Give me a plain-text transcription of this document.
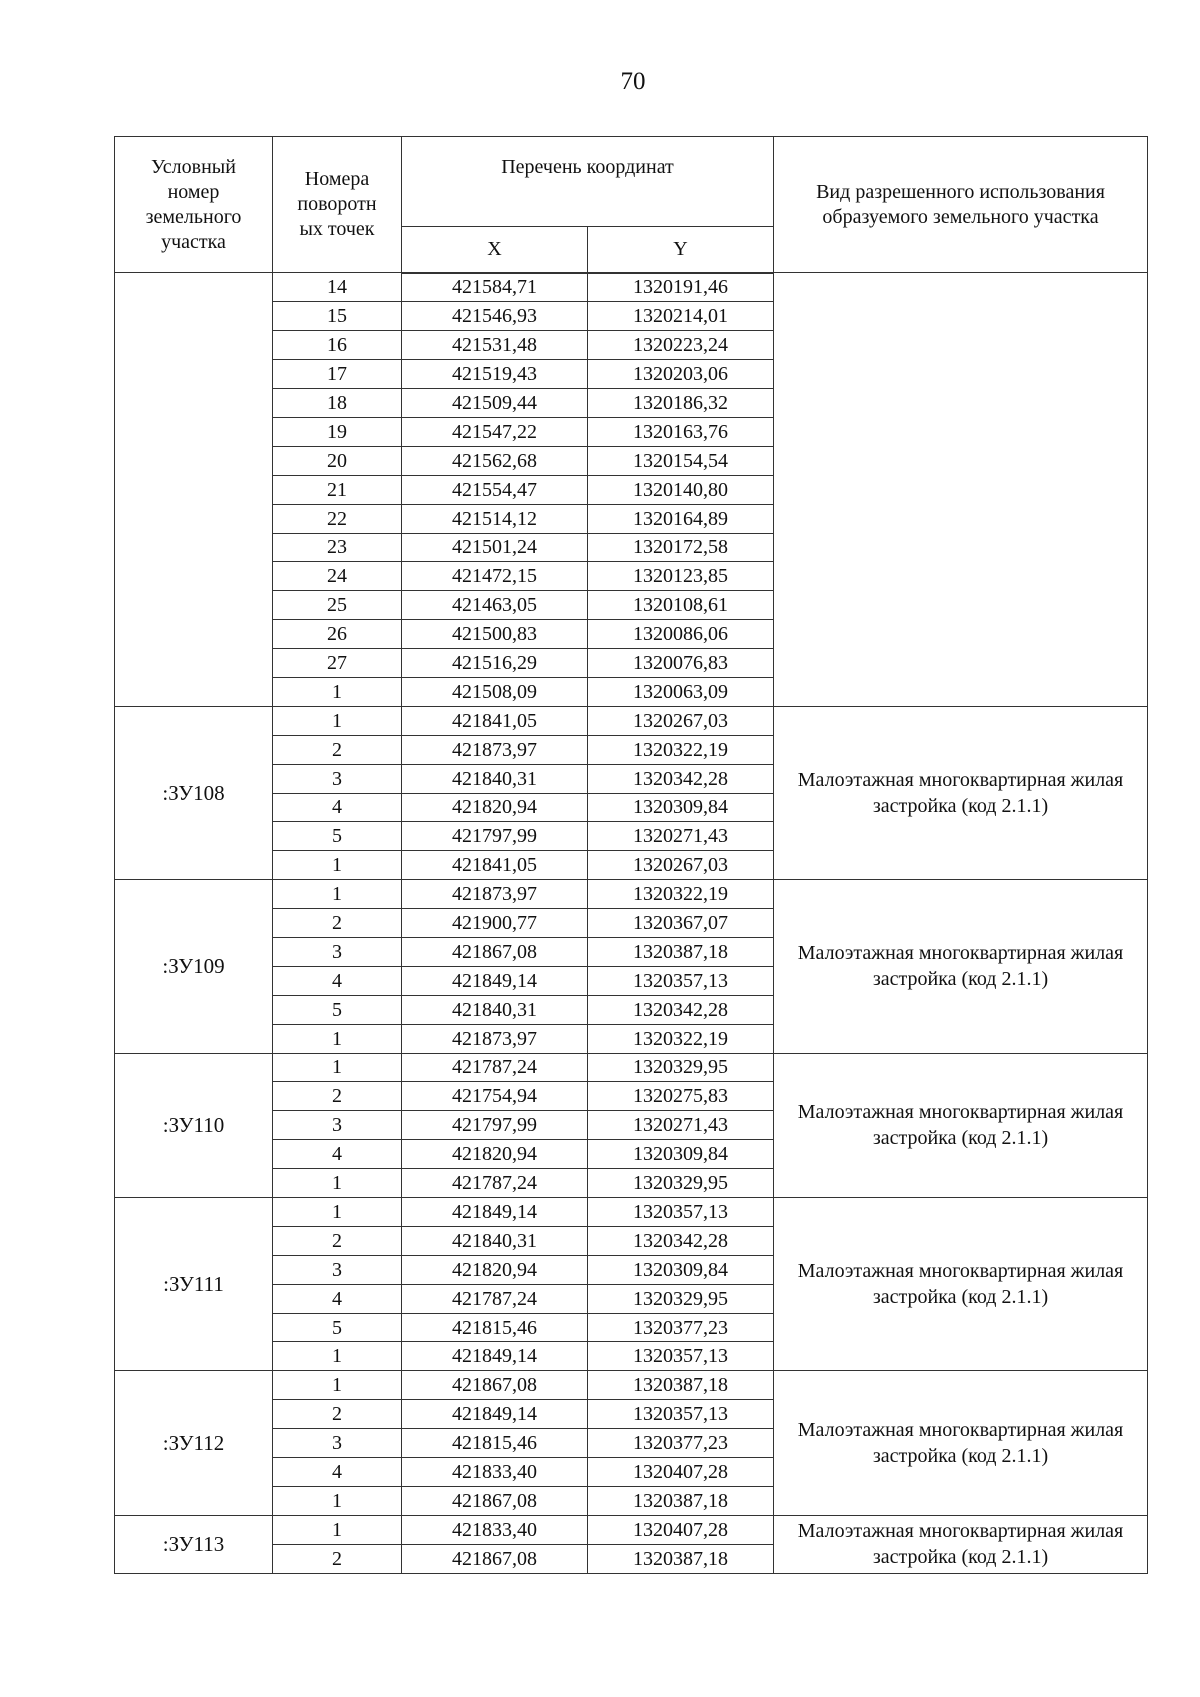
70
Условный номер земельного участка	Номера поворотн ых точек	Перечень координат		Вид разрешенного использования образуемого земельного участка
		X	Y	
	14	421584,71	1320191,46	
	15	421546,93	1320214,01	
	16	421531,48	1320223,24	
	17	421519,43	1320203,06	
	18	421509,44	1320186,32	
	19	421547,22	1320163,76	
	20	421562,68	1320154,54	
	21	421554,47	1320140,80	
	22	421514,12	1320164,89	
	23	421501,24	1320172,58	
	24	421472,15	1320123,85	
	25	421463,05	1320108,61	
	26	421500,83	1320086,06	
	27	421516,29	1320076,83	
	1	421508,09	1320063,09	
:ЗУ108	1	421841,05	1320267,03	Малоэтажная многоквартирная жилая застройка (код 2.1.1)
	2	421873,97	1320322,19	
	3	421840,31	1320342,28	
	4	421820,94	1320309,84	
	5	421797,99	1320271,43	
	1	421841,05	1320267,03	
:ЗУ109	1	421873,97	1320322,19	Малоэтажная многоквартирная жилая застройка (код 2.1.1)
	2	421900,77	1320367,07	
	3	421867,08	1320387,18	
	4	421849,14	1320357,13	
	5	421840,31	1320342,28	
	1	421873,97	1320322,19	
:ЗУ110	1	421787,24	1320329,95	Малоэтажная многоквартирная жилая застройка (код 2.1.1)
	2	421754,94	1320275,83	
	3	421797,99	1320271,43	
	4	421820,94	1320309,84	
	1	421787,24	1320329,95	
:ЗУ111	1	421849,14	1320357,13	Малоэтажная многоквартирная жилая застройка (код 2.1.1)
	2	421840,31	1320342,28	
	3	421820,94	1320309,84	
	4	421787,24	1320329,95	
	5	421815,46	1320377,23	
	1	421849,14	1320357,13	
:ЗУ112	1	421867,08	1320387,18	Малоэтажная многоквартирная жилая застройка (код 2.1.1)
	2	421849,14	1320357,13	
	3	421815,46	1320377,23	
	4	421833,40	1320407,28	
	1	421867,08	1320387,18	
:ЗУ113	1	421833,40	1320407,28	Малоэтажная многоквартирная жилая застройка (код 2.1.1)
	2	421867,08	1320387,18	
